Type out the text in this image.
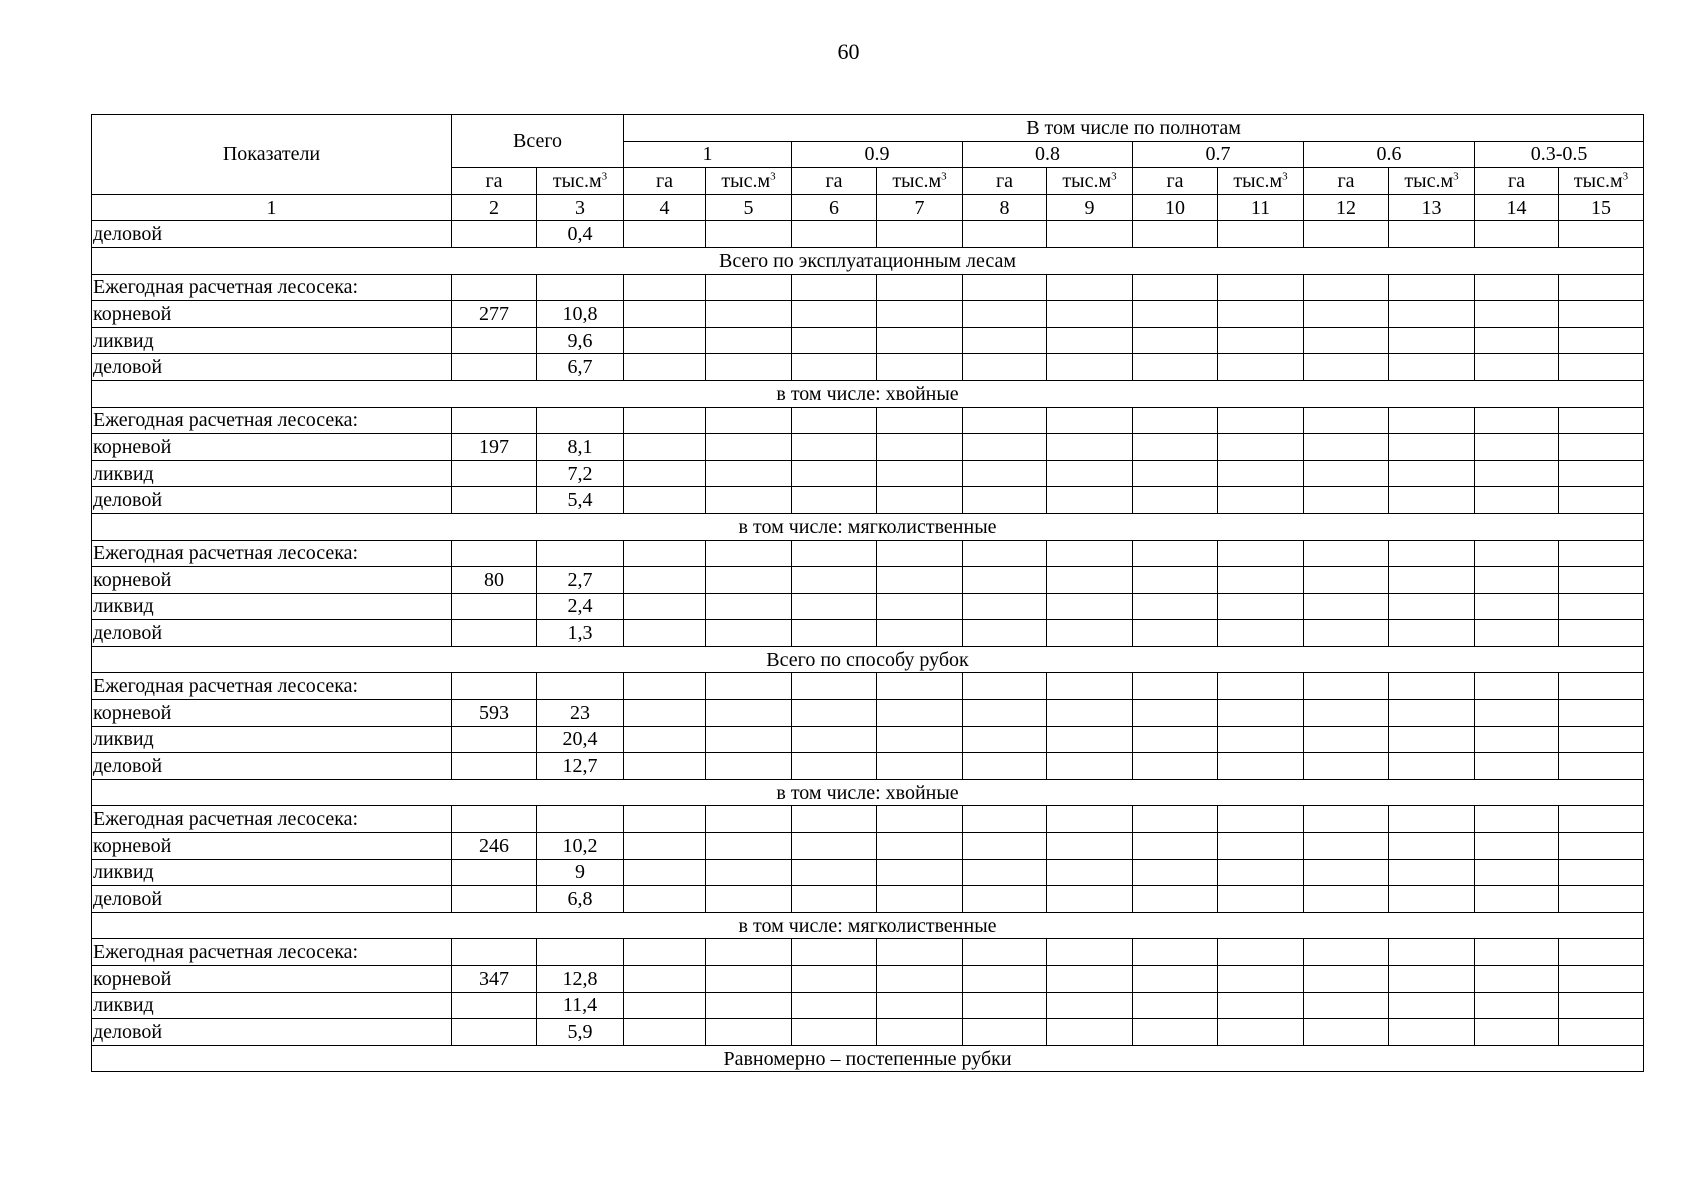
60
Показатели	Всего		В том числе по полнотам											
			1		0.9		0.8		0.7		0.6		0.3-0.5	
	га	$тыс.м^3$	га	$тыс.м^3$	га	$тыс.м^3$	га	$тыс.м^3$	га	$тыс.м^3$	га	$тыс.м^3$	га	$тыс.м^3$
1	2	3	4	5	6	7	8	9	10	11	12	13	14	15
деловой		0,4												
Всего по эксплуатационным лесам														
Ежегодная расчетная лесосека:														
корневой	277	10,8												
ликвид		9,6												
деловой		6,7												
в том числе: хвойные														
Ежегодная расчетная лесосека:														
корневой	197	8,1												
ликвид		7,2												
деловой		5,4												
в том числе: мягколиственные														
Ежегодная расчетная лесосека:														
корневой	80	2,7												
ликвид		2,4												
деловой		1,3												
Всего по способу рубок														
Ежегодная расчетная лесосека:														
корневой	593	23												
ликвид		20,4												
деловой		12,7												
в том числе: хвойные														
Ежегодная расчетная лесосека:														
корневой	246	10,2												
ликвид		9												
деловой		6,8												
в том числе: мягколиственные														
Ежегодная расчетная лесосека:														
корневой	347	12,8												
ликвид		11,4												
деловой		5,9												
Равномерно – постепенные рубки														
